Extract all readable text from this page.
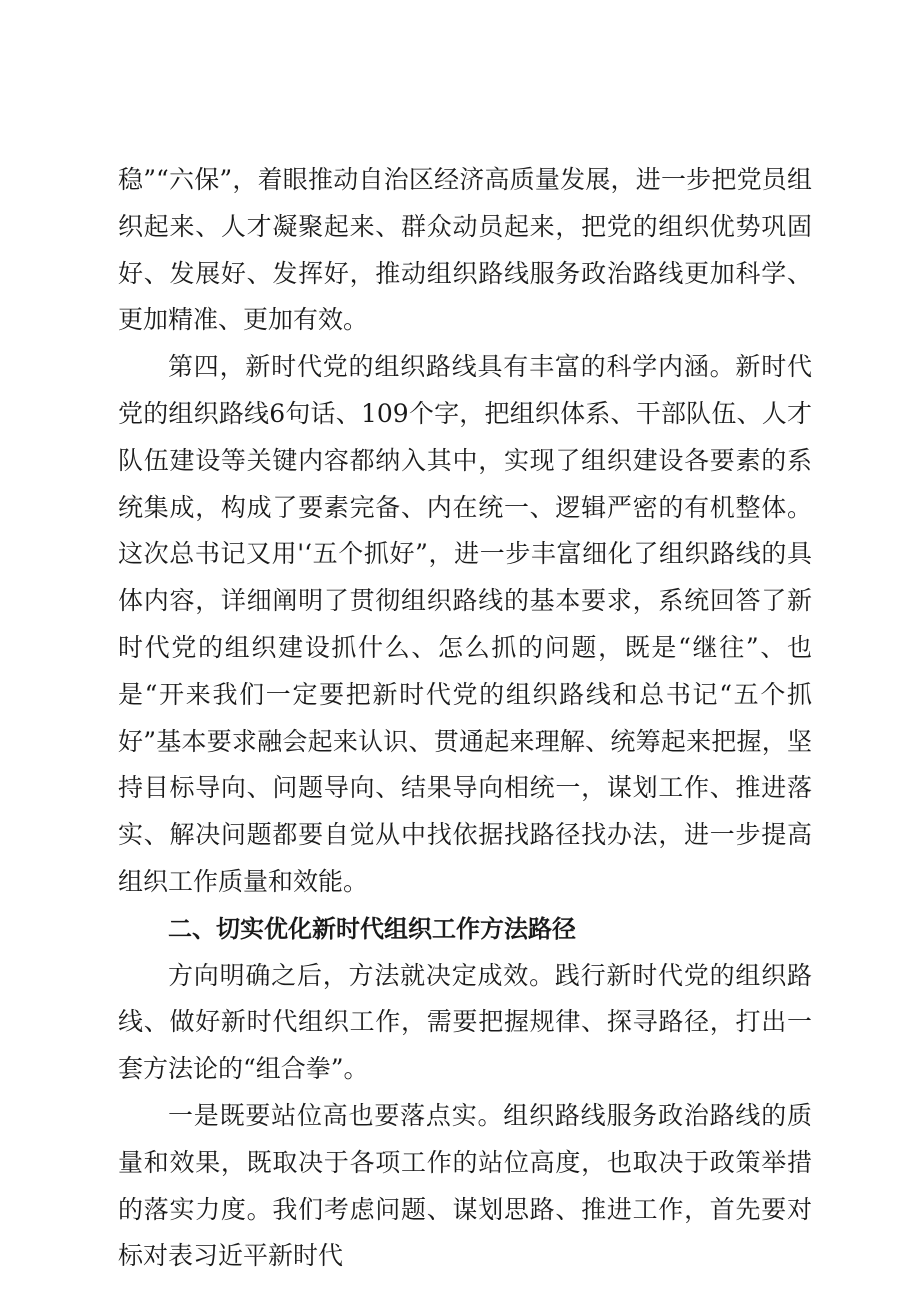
稳”“六保”，着眼推动自治区经济高质量发展，进一步把党员组织起来、人才凝聚起来、群众动员起来，把党的组织优势巩固好、发展好、发挥好，推动组织路线服务政治路线更加科学、更加精准、更加有效。

第四，新时代党的组织路线具有丰富的科学内涵。新时代党的组织路线6句话、109个字，把组织体系、干部队伍、人才队伍建设等关键内容都纳入其中，实现了组织建设各要素的系统集成，构成了要素完备、内在统一、逻辑严密的有机整体。这次总书记又用'‘五个抓好”，进一步丰富细化了组织路线的具体内容，详细阐明了贯彻组织路线的基本要求，系统回答了新时代党的组织建设抓什么、怎么抓的问题，既是“继往”、也是“开来我们一定要把新时代党的组织路线和总书记“五个抓好”基本要求融会起来认识、贯通起来理解、统筹起来把握，坚持目标导向、问题导向、结果导向相统一，谋划工作、推进落实、解决问题都要自觉从中找依据找路径找办法，进一步提高组织工作质量和效能。

二、切实优化新时代组织工作方法路径

方向明确之后，方法就决定成效。践行新时代党的组织路线、做好新时代组织工作，需要把握规律、探寻路径，打出一套方法论的“组合拳”。

一是既要站位高也要落点实。组织路线服务政治路线的质量和效果，既取决于各项工作的站位高度，也取决于政策举措的落实力度。我们考虑问题、谋划思路、推进工作，首先要对标对表习近平新时代
